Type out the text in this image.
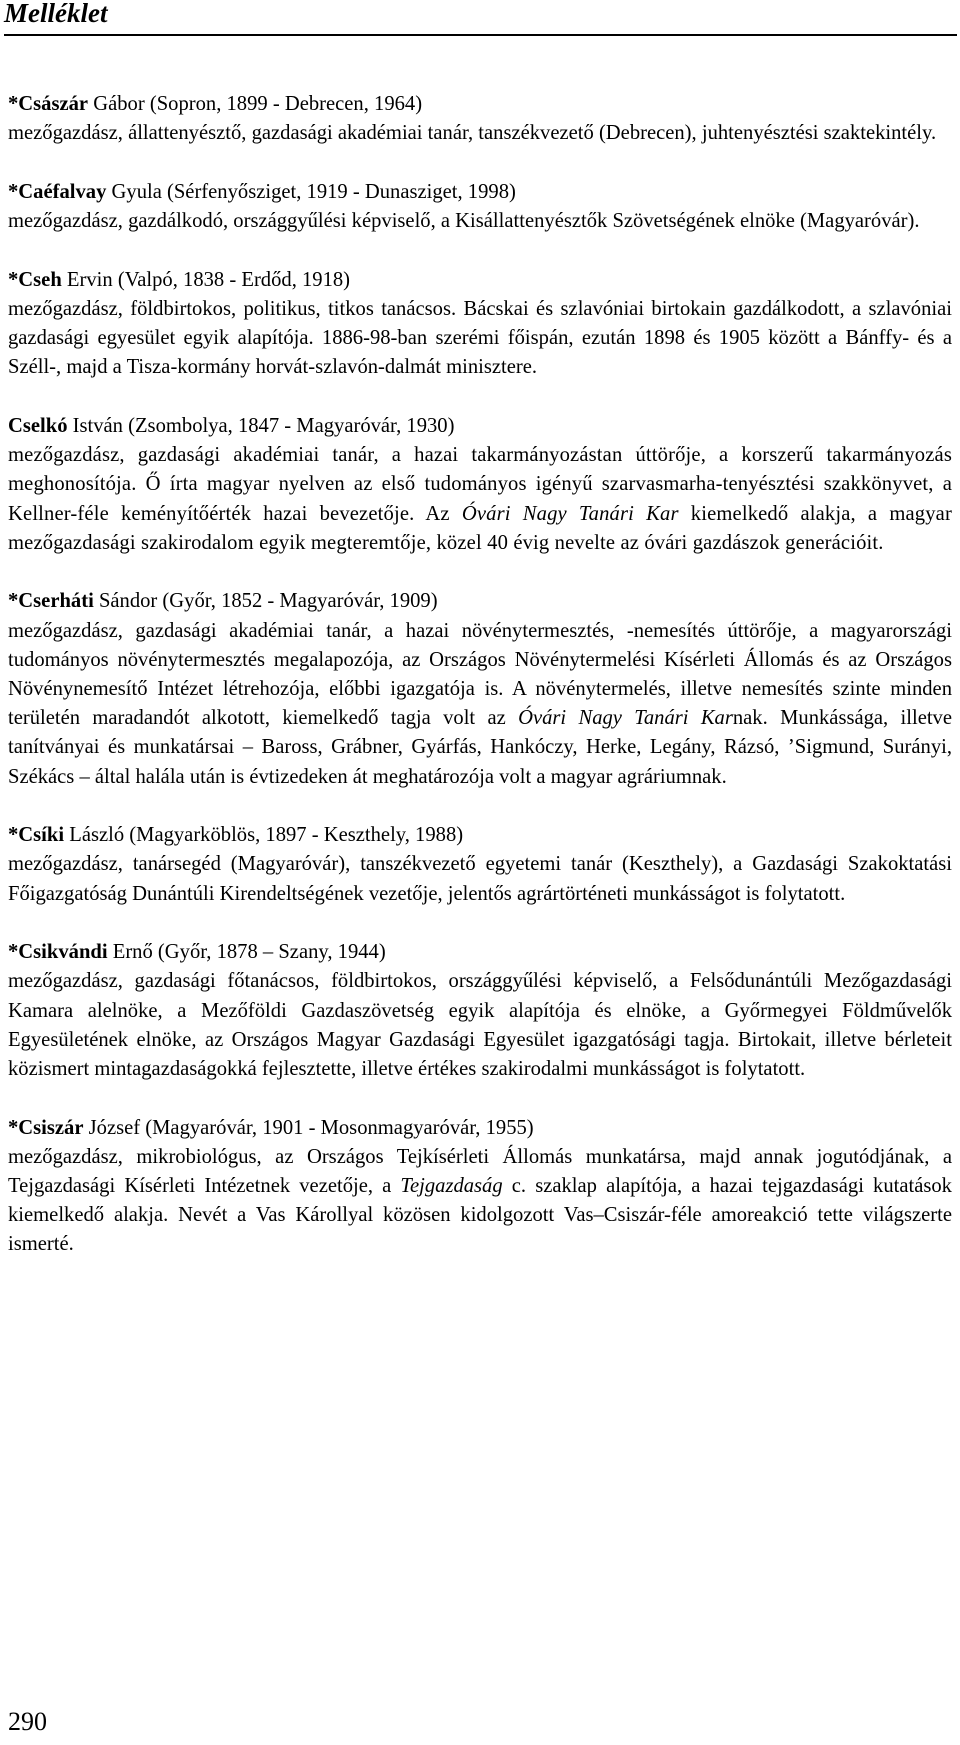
Melléklet
*Császár Gábor (Sopron, 1899 - Debrecen, 1964)
mezőgazdász, állattenyésztő, gazdasági akadémiai tanár, tanszékvezető (Debrecen), juhtenyésztési szaktekintély.
*Caéfalvay Gyula (Sérfenyősziget, 1919 - Dunasziget, 1998)
mezőgazdász, gazdálkodó, országgyűlési képviselő, a Kisállattenyésztők Szövetségének elnöke (Magyaróvár).
*Cseh Ervin (Valpó, 1838 - Erdőd, 1918)
mezőgazdász, földbirtokos, politikus, titkos tanácsos. Bácskai és szlavóniai birtokain gazdálkodott, a szlavóniai gazdasági egyesület egyik alapítója. 1886-98-ban szerémi főispán, ezután 1898 és 1905 között a Bánffy- és a Széll-, majd a Tisza-kormány horvát-szlavón-dalmát minisztere.
Cselkó István (Zsombolya, 1847 - Magyaróvár, 1930)
mezőgazdász, gazdasági akadémiai tanár, a hazai takarmányozástan úttörője, a korszerű takarmányozás meghonosítója. Ő írta magyar nyelven az első tudományos igényű szarvasmarha-tenyésztési szakkönyvet, a Kellner-féle keményítőérték hazai bevezetője. Az Óvári Nagy Tanári Kar kiemelkedő alakja, a magyar mezőgazdasági szakirodalom egyik megteremtője, közel 40 évig nevelte az óvári gazdászok generációit.
*Cserháti Sándor (Győr, 1852 - Magyaróvár, 1909)
mezőgazdász, gazdasági akadémiai tanár, a hazai növénytermesztés, -nemesítés úttörője, a magyarországi tudományos növénytermesztés megalapozója, az Országos Növénytermelési Kísérleti Állomás és az Országos Növénynemesítő Intézet létrehozója, előbbi igazgatója is. A növénytermelés, illetve nemesítés szinte minden területén maradandót alkotott, kiemelkedő tagja volt az Óvári Nagy Tanári Karnak. Munkássága, illetve tanítványai és munkatársai – Baross, Grábner, Gyárfás, Hankóczy, Herke, Legány, Rázsó, ’Sigmund, Surányi, Székács – által halála után is évtizedeken át meghatározója volt a magyar agráriumnak.
*Csíki László (Magyarköblös, 1897 - Keszthely, 1988)
mezőgazdász, tanársegéd (Magyaróvár), tanszékvezető egyetemi tanár (Keszthely), a Gazdasági Szakoktatási Főigazgatóság Dunántúli Kirendeltségének vezetője, jelentős agrártörténeti munkásságot is folytatott.
*Csikvándi Ernő (Győr, 1878 – Szany, 1944)
mezőgazdász, gazdasági főtanácsos, földbirtokos, országgyűlési képviselő, a Felsődunántúli Mezőgazdasági Kamara alelnöke, a Mezőföldi Gazdaszövetség egyik alapítója és elnöke, a Győrmegyei Földművelők Egyesületének elnöke, az Országos Magyar Gazdasági Egyesület igazgatósági tagja. Birtokait, illetve bérleteit közismert mintagazdaságokká fejlesztette, illetve értékes szakirodalmi munkásságot is folytatott.
*Csiszár József (Magyaróvár, 1901 - Mosonmagyaróvár, 1955)
mezőgazdász, mikrobiológus, az Országos Tejkísérleti Állomás munkatársa, majd annak jogutódjának, a Tejgazdasági Kísérleti Intézetnek vezetője, a Tejgazdaság c. szaklap alapítója, a hazai tejgazdasági kutatások kiemelkedő alakja. Nevét a Vas Károllyal közösen kidolgozott Vas–Csiszár-féle amoreakció tette világszerte ismerté.
290
